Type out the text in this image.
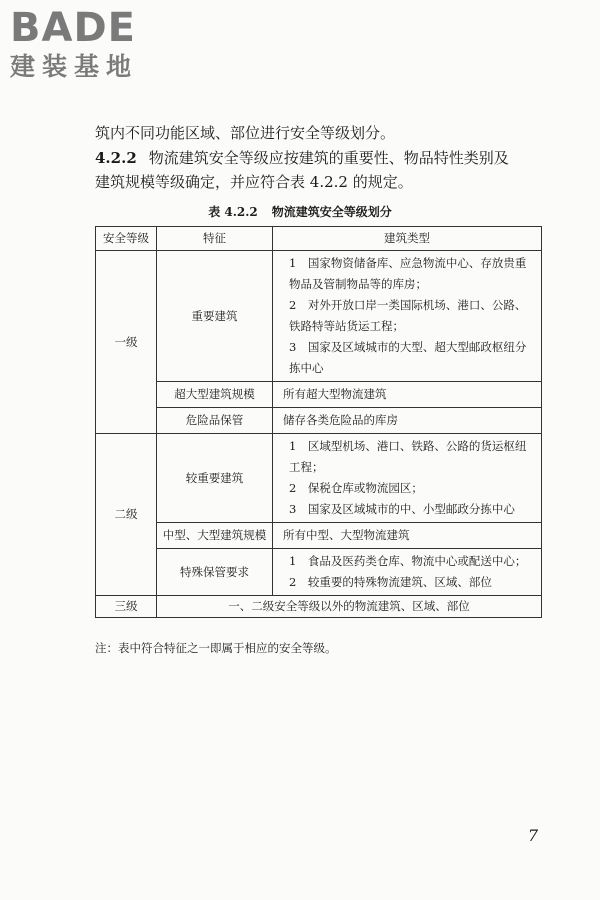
BADE
建装基地
筑内不同功能区域、部位进行安全等级划分。
4.2.2 物流建筑安全等级应按建筑的重要性、物品特性类别及
建筑规模等级确定，并应符合表 4.2.2 的规定。
表 4.2.2 物流建筑安全等级划分
安全等级	特征	建筑类型
一级	重要建筑	1　国家物资储备库、应急物流中心、存放贵重物品及管制物品等的库房；
2　对外开放口岸一类国际机场、港口、公路、铁路特等站货运工程；
3　国家及区域城市的大型、超大型邮政枢纽分拣中心

	超大型建筑规模	所有超大型物流建筑
	危险品保管	储存各类危险品的库房
二级	较重要建筑	1　区域型机场、港口、铁路、公路的货运枢纽工程；
2　保税仓库或物流园区；
3　国家及区域城市的中、小型邮政分拣中心

	中型、大型建筑规模	所有中型、大型物流建筑
	特殊保管要求	1　食品及医药类仓库、物流中心或配送中心；
2　较重要的特殊物流建筑、区域、部位

三级	一、二级安全等级以外的物流建筑、区域、部位	
注：表中符合特征之一即属于相应的安全等级。
7
